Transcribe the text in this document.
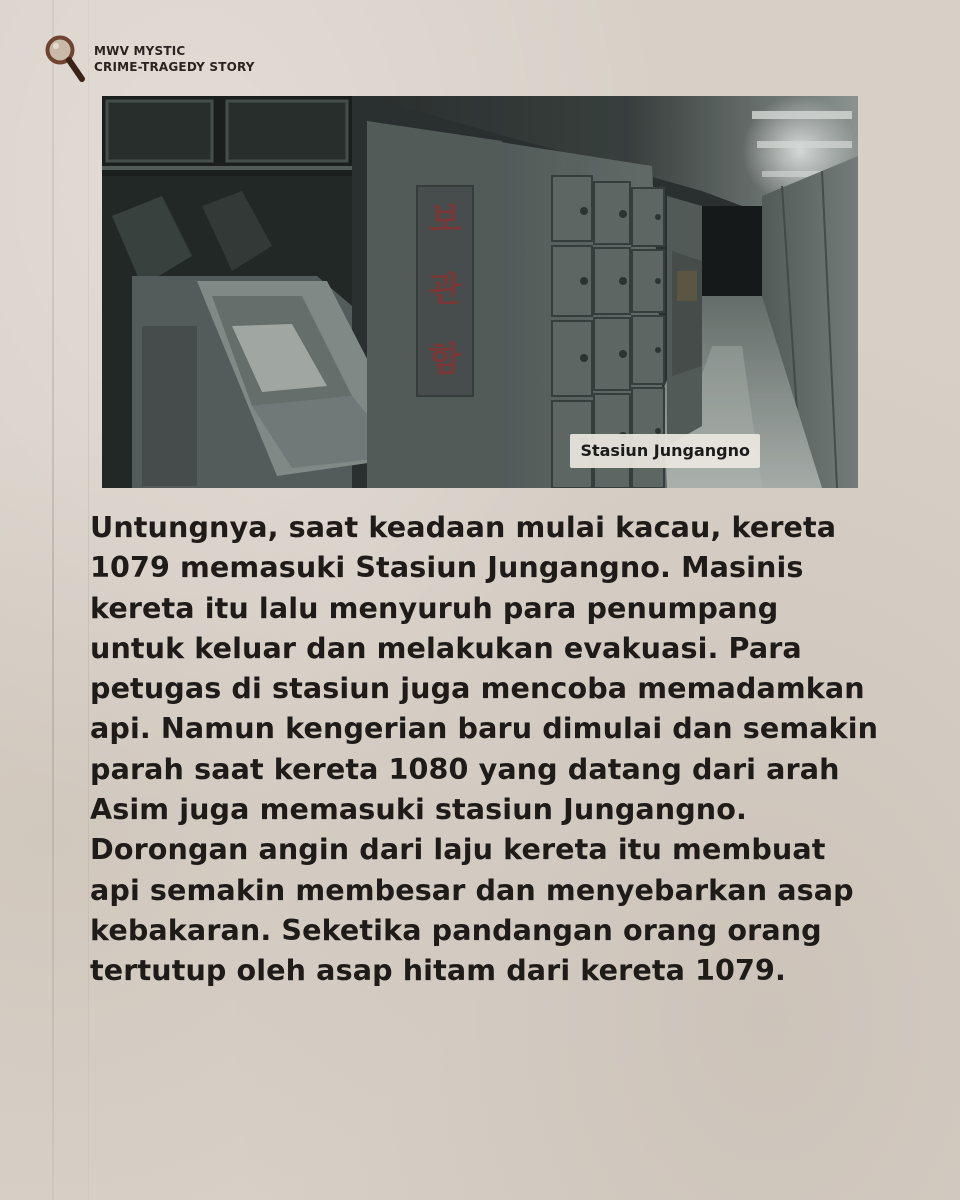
MWV MYSTIC
CRIME-TRAGEDY STORY
보
관
함
Stasiun Jungangno

Untungnya, saat keadaan mulai kacau, kereta 1079 memasuki Stasiun Jungangno. Masinis kereta itu lalu menyuruh para penumpang untuk keluar dan melakukan evakuasi. Para petugas di stasiun juga mencoba memadamkan api. Namun kengerian baru dimulai dan semakin parah saat kereta 1080 yang datang dari arah Asim juga memasuki stasiun Jungangno. Dorongan angin dari laju kereta itu membuat api semakin membesar dan menyebarkan asap kebakaran. Seketika pandangan orang orang tertutup oleh asap hitam dari kereta 1079.
